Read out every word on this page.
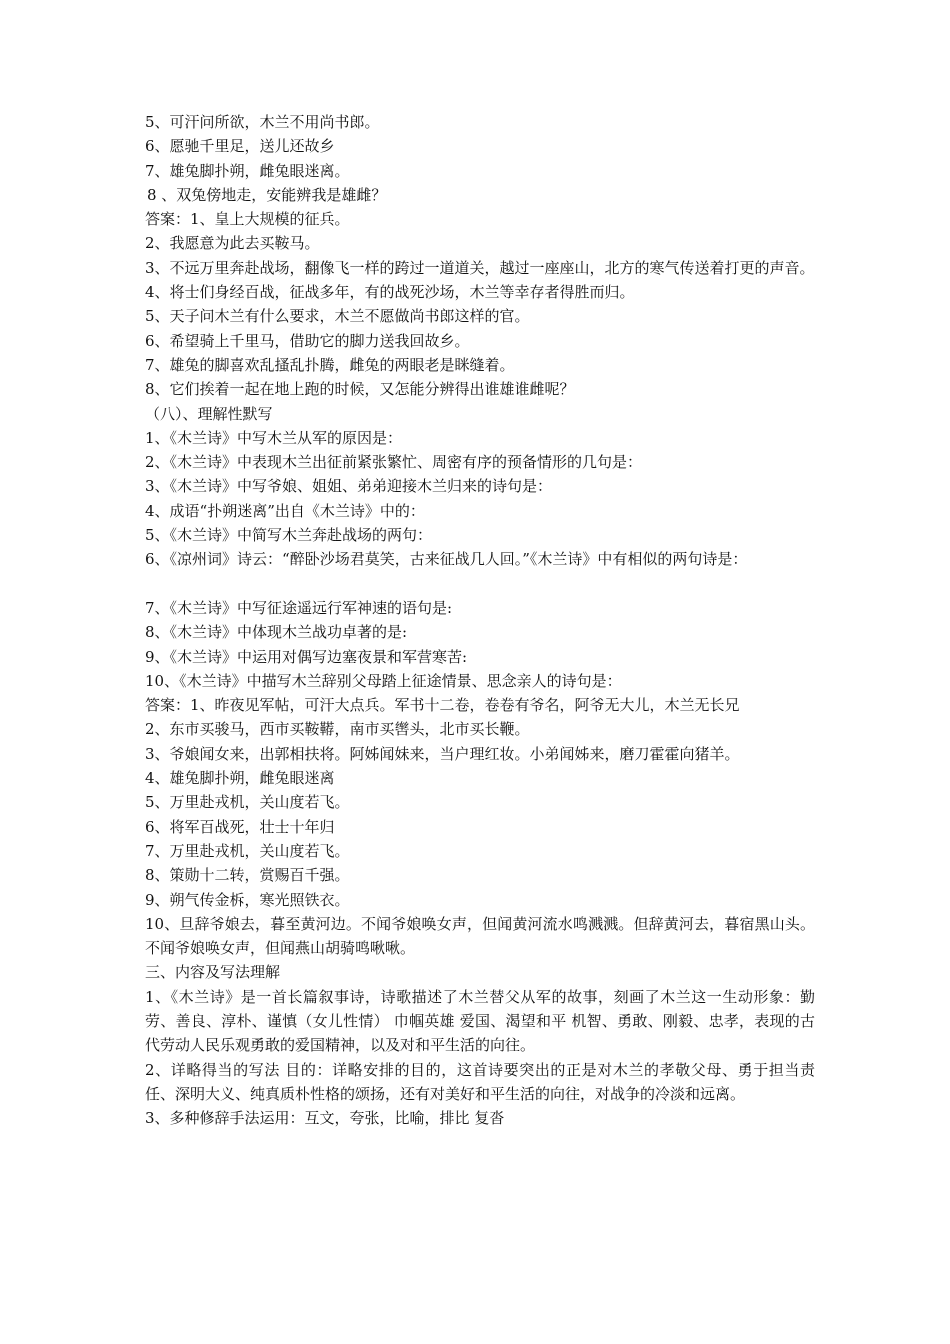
5、可汗问所欲，木兰不用尚书郎。
6、愿驰千里足，送儿还故乡
7、雄兔脚扑朔，雌兔眼迷离。
8 、双兔傍地走，安能辨我是雄雌？
答案：1、皇上大规模的征兵。
2、我愿意为此去买鞍马。
3、不远万里奔赴战场，翻像飞一样的跨过一道道关，越过一座座山，北方的寒气传送着打更的声音。
4、将士们身经百战，征战多年，有的战死沙场，木兰等幸存者得胜而归。
5、天子问木兰有什么要求，木兰不愿做尚书郎这样的官。
6、希望骑上千里马，借助它的脚力送我回故乡。
7、雄兔的脚喜欢乱搔乱扑腾，雌兔的两眼老是眯缝着。
8、它们挨着一起在地上跑的时候，又怎能分辨得出谁雄谁雌呢？
（八）、理解性默写
1、《木兰诗》中写木兰从军的原因是：
2、《木兰诗》中表现木兰出征前紧张繁忙、周密有序的预备情形的几句是：
3、《木兰诗》中写爷娘、姐姐、弟弟迎接木兰归来的诗句是：
4、成语“扑朔迷离”出自《木兰诗》中的：
5、《木兰诗》中简写木兰奔赴战场的两句：
6、《凉州词》诗云：“醉卧沙场君莫笑，古来征战几人回。”《木兰诗》中有相似的两句诗是：
7、《木兰诗》中写征途遥远行军神速的语句是:
8、《木兰诗》中体现木兰战功卓著的是:
9、《木兰诗》中运用对偶写边塞夜景和军营寒苦:
10、《木兰诗》中描写木兰辞别父母踏上征途情景、思念亲人的诗句是：
答案：1、昨夜见军帖，可汗大点兵。军书十二卷，卷卷有爷名，阿爷无大儿，木兰无长兄
2、东市买骏马，西市买鞍鞯，南市买辔头，北市买长鞭。
3、爷娘闻女来，出郭相扶将。阿姊闻妹来，当户理红妆。小弟闻姊来，磨刀霍霍向猪羊。
4、雄兔脚扑朔，雌兔眼迷离
5、万里赴戎机，关山度若飞。
6、将军百战死，壮士十年归
7、万里赴戎机，关山度若飞。
8、策勋十二转，赏赐百千强。
9、朔气传金柝，寒光照铁衣。
10、旦辞爷娘去，暮至黄河边。不闻爷娘唤女声，但闻黄河流水鸣溅溅。但辞黄河去，暮宿黑山头。不闻爷娘唤女声，但闻燕山胡骑鸣啾啾。
三、内容及写法理解
1、《木兰诗》是一首长篇叙事诗，诗歌描述了木兰替父从军的故事，刻画了木兰这一生动形象：勤劳、善良、淳朴、谨慎（女儿性情） 巾帼英雄 爱国、渴望和平 机智、勇敢、刚毅、忠孝，表现的古代劳动人民乐观勇敢的爱国精神，以及对和平生活的向往。
2、详略得当的写法 目的：详略安排的目的，这首诗要突出的正是对木兰的孝敬父母、勇于担当责任、深明大义、纯真质朴性格的颂扬，还有对美好和平生活的向往，对战争的冷淡和远离。
3、多种修辞手法运用：互文，夸张，比喻，排比 复沓
